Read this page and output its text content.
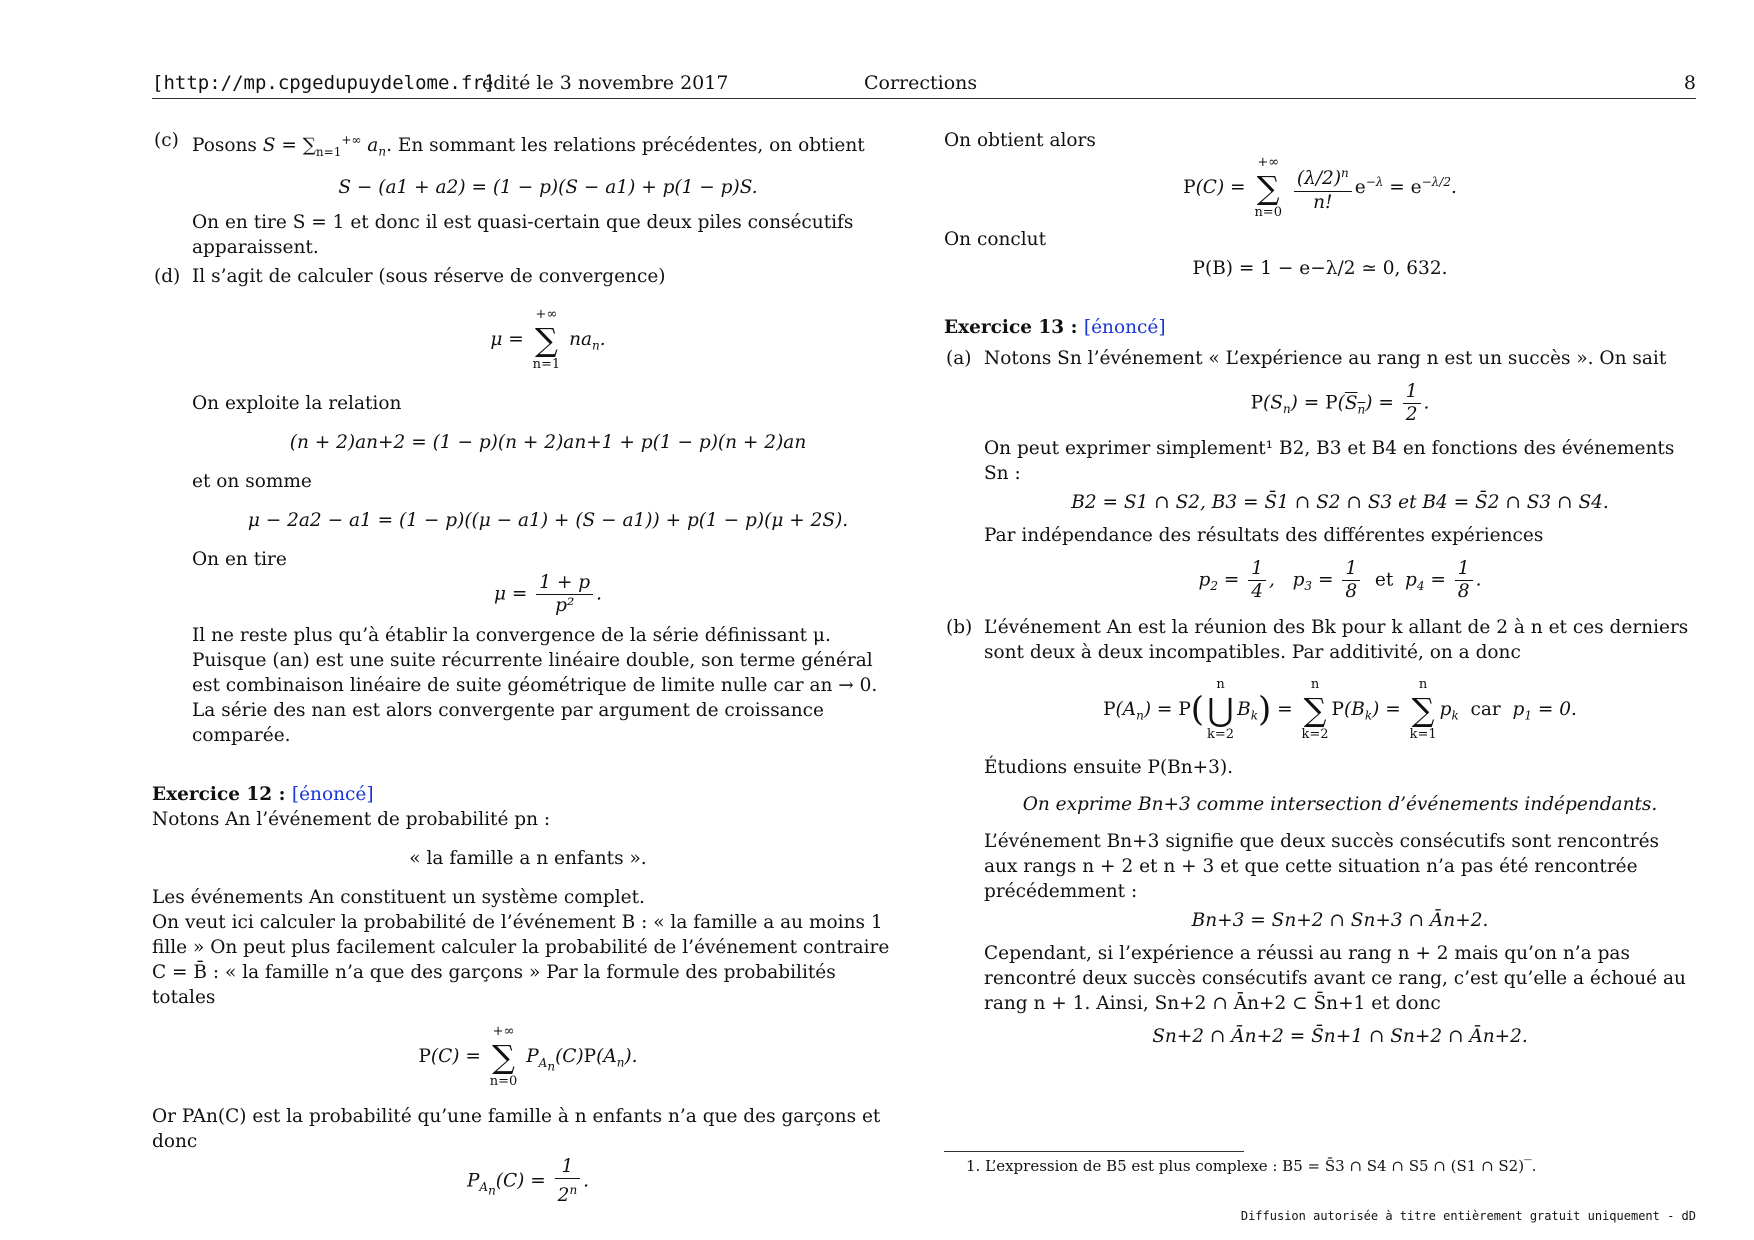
[http://mp.cpgedupuydelome.fr]
édité le 3 novembre 2017	Corrections	8
(c) Posons $S = \sum_{n=1}^{+\infty}$ $a_n$. En sommant les relations précédentes, on obtient

S − (a1 + a2) = (1 − p)(S − a1) + p(1 − p)S.

On en tire S = 1 et donc il est quasi-certain que deux piles consécutifs apparaissent.

(d) Il s’agit de calculer (sous réserve de convergence)

μ =
+∞
∑
n=1
$na_n$.

On exploite la relation

(n + 2)an+2 = (1 − p)(n + 2)an+1 + p(1 − p)(n + 2)an

et on somme

μ − 2a2 − a1 = (1 − p)((μ − a1) + (S − a1)) + p(1 − p)(μ + 2S).

On en tire

$\mu = \frac{1 + p}{\text{p²}}$ .

Il ne reste plus qu’à établir la convergence de la série définissant μ. Puisque (an) est une suite récurrente linéaire double, son terme général est combinaison linéaire de suite géométrique de limite nulle car an → 0. La série des nan est alors convergente par argument de croissance comparée.

Exercice 12 : [énoncé]

Notons An l’événement de probabilité pn :

« la famille a n enfants ».

Les événements An constituent un système complet.

On veut ici calculer la probabilité de l’événement B : « la famille a au moins 1 fille » On peut plus facilement calculer la probabilité de l’événement contraire C = B̄ : « la famille n’a que des garçons » Par la formule des probabilités totales

P(C) =
+∞
∑
n=0
$P_{A_n}(C)P(A_n)$.

Or PAn(C) est la probabilité qu’une famille à n enfants n’a que des garçons et donc

$P_{A_n}(C) = \frac{1}{2^n}$ .

On obtient alors

P(C) =
+∞
∑
n=0
$\frac{(\lambda/2)^n}{n!} e^{-\lambda} = e^{-\lambda/2}$.

On conclut

P(B) = 1 − e−λ/2 ≃ 0, 632.

Exercice 13 : [énoncé]

(a) Notons Sn l’événement « L’expérience au rang n est un succès ». On sait

$P(S_n) = P(S_n) = \frac{1}{2}$ .

On peut exprimer simplement¹ B2, B3 et B4 en fonctions des événements Sn :

B2 = S1 ∩ S2, B3 = S̄1 ∩ S2 ∩ S3 et B4 = S̄2 ∩ S3 ∩ S4.

Par indépendance des résultats des différentes expériences

$p_2 = \frac{1}{4}$ ,   $p_3 = \frac{1}{8}$ et  $p_4 = \frac{1}{8}$ .
(b) L’événement An est la réunion des Bk pour k allant de 2 à n et ces derniers sont deux à deux incompatibles. Par additivité, on a donc

$P(A_n) = P$(
n
⋃
k=2
$B_k$) =
n
∑
k=2
$P(B_k)$ =
n
∑
k=1
$p_k$  car  $p_1 = 0$.

Étudions ensuite P(Bn+3).

On exprime Bn+3 comme intersection d’événements indépendants.

L’événement Bn+3 signifie que deux succès consécutifs sont rencontrés aux rangs n + 2 et n + 3 et que cette situation n’a pas été rencontrée précédemment :

Bn+3 = Sn+2 ∩ Sn+3 ∩ Ān+2.

Cependant, si l’expérience a réussi au rang n + 2 mais qu’on n’a pas rencontré deux succès consécutifs avant ce rang, c’est qu’elle a échoué au rang n + 1. Ainsi, Sn+2 ∩ Ān+2 ⊂ S̄n+1 et donc

Sn+2 ∩ Ān+2 = S̄n+1 ∩ Sn+2 ∩ Ān+2.
1. L’expression de B5 est plus complexe : B5 = S̄3 ∩ S4 ∩ S5 ∩ (S1 ∩ S2)‾.
Diffusion autorisée à titre entièrement gratuit uniquement - dD
